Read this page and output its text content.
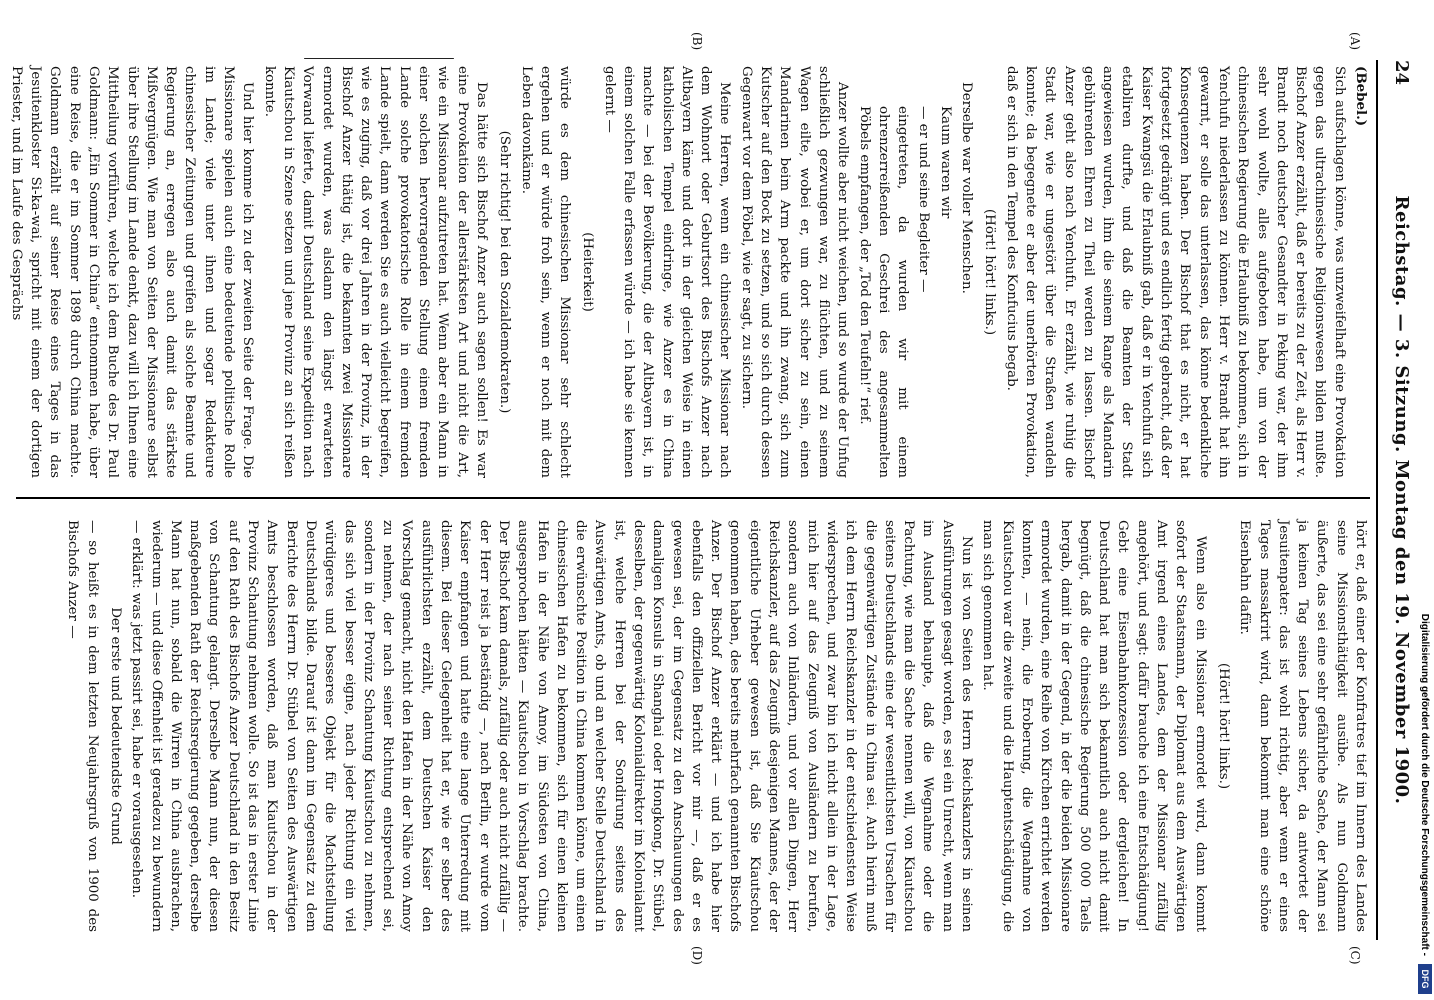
Digitalisierung gefördert durch die Deutsche Forschungsgemeinschaft -
DFG
24
Reichstag. — 3. Sitzung. Montag den 19. November 1900.
(A)
(B)
(C)
(D)

(Bebel.)

Sich aufschlagen könne, was unzweifelhaft eine Provokation gegen das ultrachinesische Religionswesen bilden mußte. Bischof Anzer erzählt, daß er bereits zu der Zeit, als Herr v. Brandt noch deutscher Gesandter in Peking war, der ihm sehr wohl wollte, alles aufgeboten habe, um von der chinesischen Regierung die Erlaubniß zu bekommen, sich in Yenchufu niederlassen zu können. Herr v. Brandt hat ihn gewarnt, er solle das unterlassen, das könne bedenkliche Konsequenzen haben. Der Bischof that es nicht, er hat fortgesetzt gedrängt und es endlich fertig gebracht, daß der Kaiser Kwangsü die Erlaubniß gab, daß er in Yenchufu sich etabliren durfte, und daß die Beamten der Stadt angewiesen wurden, ihm die seinem Range als Mandarin gebührenden Ehren zu Theil werden zu lassen. Bischof Anzer geht also nach Yenchufu. Er erzählt, wie ruhig die Stadt war, wie er ungestört über die Straßen wandeln konnte; da begegnete er aber der unerhörten Provokation, daß er sich in den Tempel des Konfucius begab.

(Hört! hört! links.)

Derselbe war voller Menschen.

Kaum waren wir

— er und seine Begleiter —

eingetreten, da wurden wir mit einem ohrenzerreißenden Geschrei des angesammelten Pöbels empfangen, der „Tod den Teufeln!“ rief.

Anzer wollte aber nicht weichen, und so wurde der Unfug schließlich gezwungen war, zu flüchten, und zu seinem Wagen eilte, wobei er, um dort sicher zu sein, einen Mandarinen beim Arm packte und ihn zwang, sich zum Kutscher auf den Bock zu setzen, und so sich durch dessen Gegenwart vor dem Pöbel, wie er sagt, zu sichern.

Meine Herren, wenn ein chinesischer Missionar nach dem Wohnort oder Geburtsort des Bischofs Anzer nach Altbayern käme und dort in der gleichen Weise in einen katholischen Tempel eindringe, wie Anzer es in China machte — bei der Bevölkerung, die der Altbayern ist, in einem solchen Falle erfassen würde — ich habe sie kennen gelernt —

(Heiterkeit)

würde es dem chinesischen Missionar sehr schlecht ergehen und er würde froh sein, wenn er noch mit dem Leben davonkäme.

(Sehr richtig! bei den Sozialdemokraten.)

Das hätte sich Bischof Anzer auch sagen sollen! Es war eine Provokation der allerstärksten Art und nicht die Art, wie ein Missionar aufzutreten hat. Wenn aber ein Mann in einer solchen hervorragenden Stellung einem fremden Lande solche provokatorische Rolle in einem fremden Lande spielt, dann werden Sie es auch vielleicht begreifen, wie es zuging, daß vor drei Jahren in der Provinz, in der Bischof Anzer thätig ist, die bekannten zwei Missionare ermordet wurden, was alsdann den längst erwarteten Vorwand lieferte, damit Deutschland seine Expedition nach Kiautschou in Szene setzen und jene Provinz an sich reißen konnte.

Und hier komme ich zu der zweiten Seite der Frage. Die Missionare spielen auch eine bedeutende politische Rolle im Lande; viele unter ihnen und sogar Redakteure chinesischer Zeitungen und greifen als solche Beamte und Regierung an, erregen also auch damit das stärkste Mißvergnügen. Wie man von Seiten der Missionare selbst über ihre Stellung im Lande denkt, dazu will ich Ihnen eine Mittheilung vorführen, welche ich dem Buche des Dr. Paul Goldmann: „Ein Sommer in China“ entnommen habe, über eine Reise, die er im Sommer 1898 durch China machte. Goldmann erzählt auf seiner Reise eines Tages in das Jesuitenkloster Si-ka-wai, spricht mit einem der dortigen Priester, und im Laufe des Gesprächs

hört er, daß einer der Konfratres tief im Innern des Landes seine Missionsthätigkeit ausübe. Als nun Goldmann äußerte, das sei eine sehr gefährliche Sache, der Mann sei ja keinen Tag seines Lebens sicher, da antwortet der Jesuitenpater: das ist wohl richtig, aber wenn er eines Tages massakrirt wird, dann bekommt man eine schöne Eisenbahn dafür.

(Hört! hört! links.)

Wenn also ein Missionar ermordet wird, dann kommt sofort der Staatsmann, der Diplomat aus dem Auswärtigen Amt irgend eines Landes, dem der Missionar zufällig angehört, und sagt: dafür brauche ich eine Entschädigung! Gebt eine Eisenbahnkonzession oder dergleichen! In Deutschland hat man sich bekanntlich auch nicht damit begnügt, daß die chinesische Regierung 500 000 Taels hergab, damit in der Gegend, in der die beiden Missionare ermordet wurden, eine Reihe von Kirchen errichtet werden konnten, — nein, die Eroberung, die Wegnahme von Kiautschou war die zweite und die Hauptentschädigung, die man sich genommen hat.

Nun ist von Seiten des Herrn Reichskanzlers in seinen Ausführungen gesagt worden, es sei ein Unrecht, wenn man im Ausland behaupte, daß die Wegnahme oder die Pachtung, wie man die Sache nennen will, von Kiautschou seitens Deutschlands eine der wesentlichsten Ursachen für die gegenwärtigen Zustände in China sei. Auch hierin muß ich dem Herrn Reichskanzler in der entschiedensten Weise widersprechen, und zwar bin ich nicht allein in der Lage, mich hier auf das Zeugniß von Ausländern zu berufen, sondern auch von Inländern, und vor allen Dingen, Herr Reichskanzler, auf das Zeugniß desjenigen Mannes, der der eigentliche Urheber gewesen ist, daß Sie Kiautschou genommen haben, des bereits mehrfach genannten Bischofs Anzer. Der Bischof Anzer erklärt — und ich habe hier ebenfalls den offiziellen Bericht vor mir —, daß er es gewesen sei, der im Gegensatz zu den Anschauungen des damaligen Konsuls in Shanghai oder Hongkong, Dr. Stübel, desselben, der gegenwärtig Kolonialdirektor im Kolonialamt ist, welche Herren bei der Sondirung seitens des Auswärtigen Amts, ob und an welcher Stelle Deutschland in die erwünschte Position in China kommen könne, um einen chinesischen Hafen zu bekommen, sich für einen kleinen Hafen in der Nähe von Amoy, im Südosten von China, ausgesprochen hätten — Kiautschou in Vorschlag brachte. Der Bischof kam damals, zufällig oder auch nicht zufällig — der Herr reist ja beständig —, nach Berlin, er wurde vom Kaiser empfangen und hatte eine lange Unterredung mit diesem. Bei dieser Gelegenheit hat er, wie er selber des ausführlichsten erzählt, dem Deutschen Kaiser den Vorschlag gemacht, nicht den Hafen in der Nähe von Amoy zu nehmen, der nach seiner Richtung entsprechend sei, sondern in der Provinz Schantung Kiautschou zu nehmen, das sich viel besser eigne, nach jeder Richtung ein viel würdigeres und besseres Objekt für die Machtstellung Deutschlands bilde. Darauf ist dann im Gegensatz zu dem Berichte des Herrn Dr. Stübel von Seiten des Auswärtigen Amts beschlossen worden, daß man Kiautschou in der Provinz Schantung nehmen wolle. So ist das in erster Linie auf den Rath des Bischofs Anzer Deutschland in den Besitz von Schantung gelangt. Derselbe Mann nun, der diesen maßgebenden Rath der Reichsregierung gegeben, derselbe Mann hat nun, sobald die Wirren in China ausbrachen, wiederum — und diese Offenheit ist geradezu zu bewundern — erklärt: was jetzt passirt sei, habe er vorausgesehen.

Der erste und bedeutendste Grund

— so heißt es in dem letzten Neujahrsgruß von 1900 des Bischofs Anzer —
